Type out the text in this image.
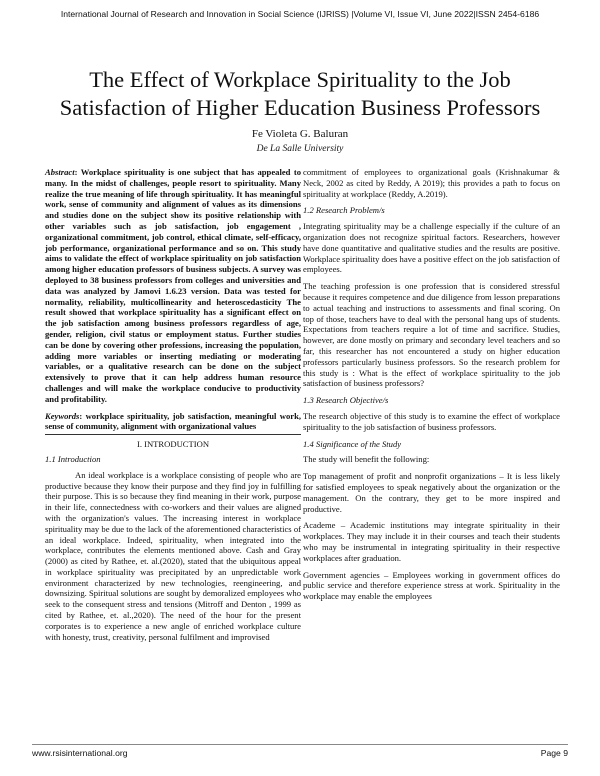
International Journal of Research and Innovation in Social Science (IJRISS) |Volume VI, Issue VI, June 2022|ISSN 2454-6186
The Effect of Workplace Spirituality to the Job Satisfaction of Higher Education Business Professors
Fe Violeta G. Baluran
De La Salle University

Abstract: Workplace spirituality is one subject that has appealed to many. In the midst of challenges, people resort to spirituality. Many realize the true meaning of life through spirituality. It has meaningful work, sense of community and alignment of values as its dimensions and studies done on the subject show its positive relationship with other variables such as job satisfaction, job engagement , organizational commitment, job control, ethical climate, self-efficacy, job performance, organizational performance and so on. This study aims to validate the effect of workplace spirituality on job satisfaction among higher education professors of business subjects. A survey was deployed to 38 business professors from colleges and universities and data was analyzed by Jamovi 1.6.23 version. Data was tested for normality, reliability, multicollinearity and heteroscedasticity The result showed that workplace spirituality has a significant effect on the job satisfaction among business professors regardless of age, gender, religion, civil status or employment status. Further studies can be done by covering other professions, increasing the population, adding more variables or inserting mediating or moderating variables, or a qualitative research can be done on the subject extensively to prove that it can help address human resource challenges and will make the workplace conducive to productivity and profitability.

Keywords: workplace spirituality, job satisfaction, meaningful work, sense of community, alignment with organizational values

I. INTRODUCTION
1.1 Introduction

An ideal workplace is a workplace consisting of people who are productive because they know their purpose and they find joy in fulfilling their purpose. This is so because they find meaning in their work, purpose in their life, connectedness with co-workers and their values are aligned with the organization's values. The increasing interest in workplace spirituality may be due to the lack of the aforementioned characteristics of an ideal workplace. Indeed, spirituality, when integrated into the workplace, contributes the elements mentioned above. Cash and Gray (2000) as cited by Rathee, et. al.(2020), stated that the ubiquitous appeal in workplace spirituality was precipitated by an unpredictable work environment characterized by new technologies, reengineering, and downsizing. Spiritual solutions are sought by demoralized employees who seek to the consequent stress and tensions (Mitroff and Denton , 1999 as cited by Rathee, et. al.,2020). The need of the hour for the present corporates is to experience a new angle of enriched workplace culture with honesty, trust, creativity, personal fulfilment and improvised

commitment of employees to organizational goals (Krishnakumar & Neck, 2002 as cited by Reddy, A 2019); this provides a path to focus on spirituality at workplace (Reddy, A.2019).

1.2 Research Problem/s

Integrating spirituality may be a challenge especially if the culture of an organization does not recognize spiritual factors. Researchers, however have done quantitative and qualitative studies and the results are positive. Workplace spirituality does have a positive effect on the job satisfaction of employees.

The teaching profession is one profession that is considered stressful because it requires competence and due diligence from lesson preparations to actual teaching and instructions to assessments and final scoring. On top of those, teachers have to deal with the personal hang ups of students. Expectations from teachers require a lot of time and sacrifice. Studies, however, are done mostly on primary and secondary level teachers and so far, this researcher has not encountered a study on higher education professors particularly business professors. So the research problem for this study is : What is the effect of workplace spirituality to the job satisfaction of business professors?

1.3 Research Objective/s

The research objective of this study is to examine the effect of workplace spirituality to the job satisfaction of business professors.

1.4 Significance of the Study

The study will benefit the following:

Top management of profit and nonprofit organizations – It is less likely for satisfied employees to speak negatively about the organization or the management. On the contrary, they get to be more inspired and productive.

Academe – Academic institutions may integrate spirituality in their workplaces. They may include it in their courses and teach their students who may be instrumental in integrating spirituality in their respective workplaces after graduation.

Government agencies – Employees working in government offices do public service and therefore experience stress at work. Spirituality in the workplace may enable the employees

www.rsisinternational.org	Page 9
